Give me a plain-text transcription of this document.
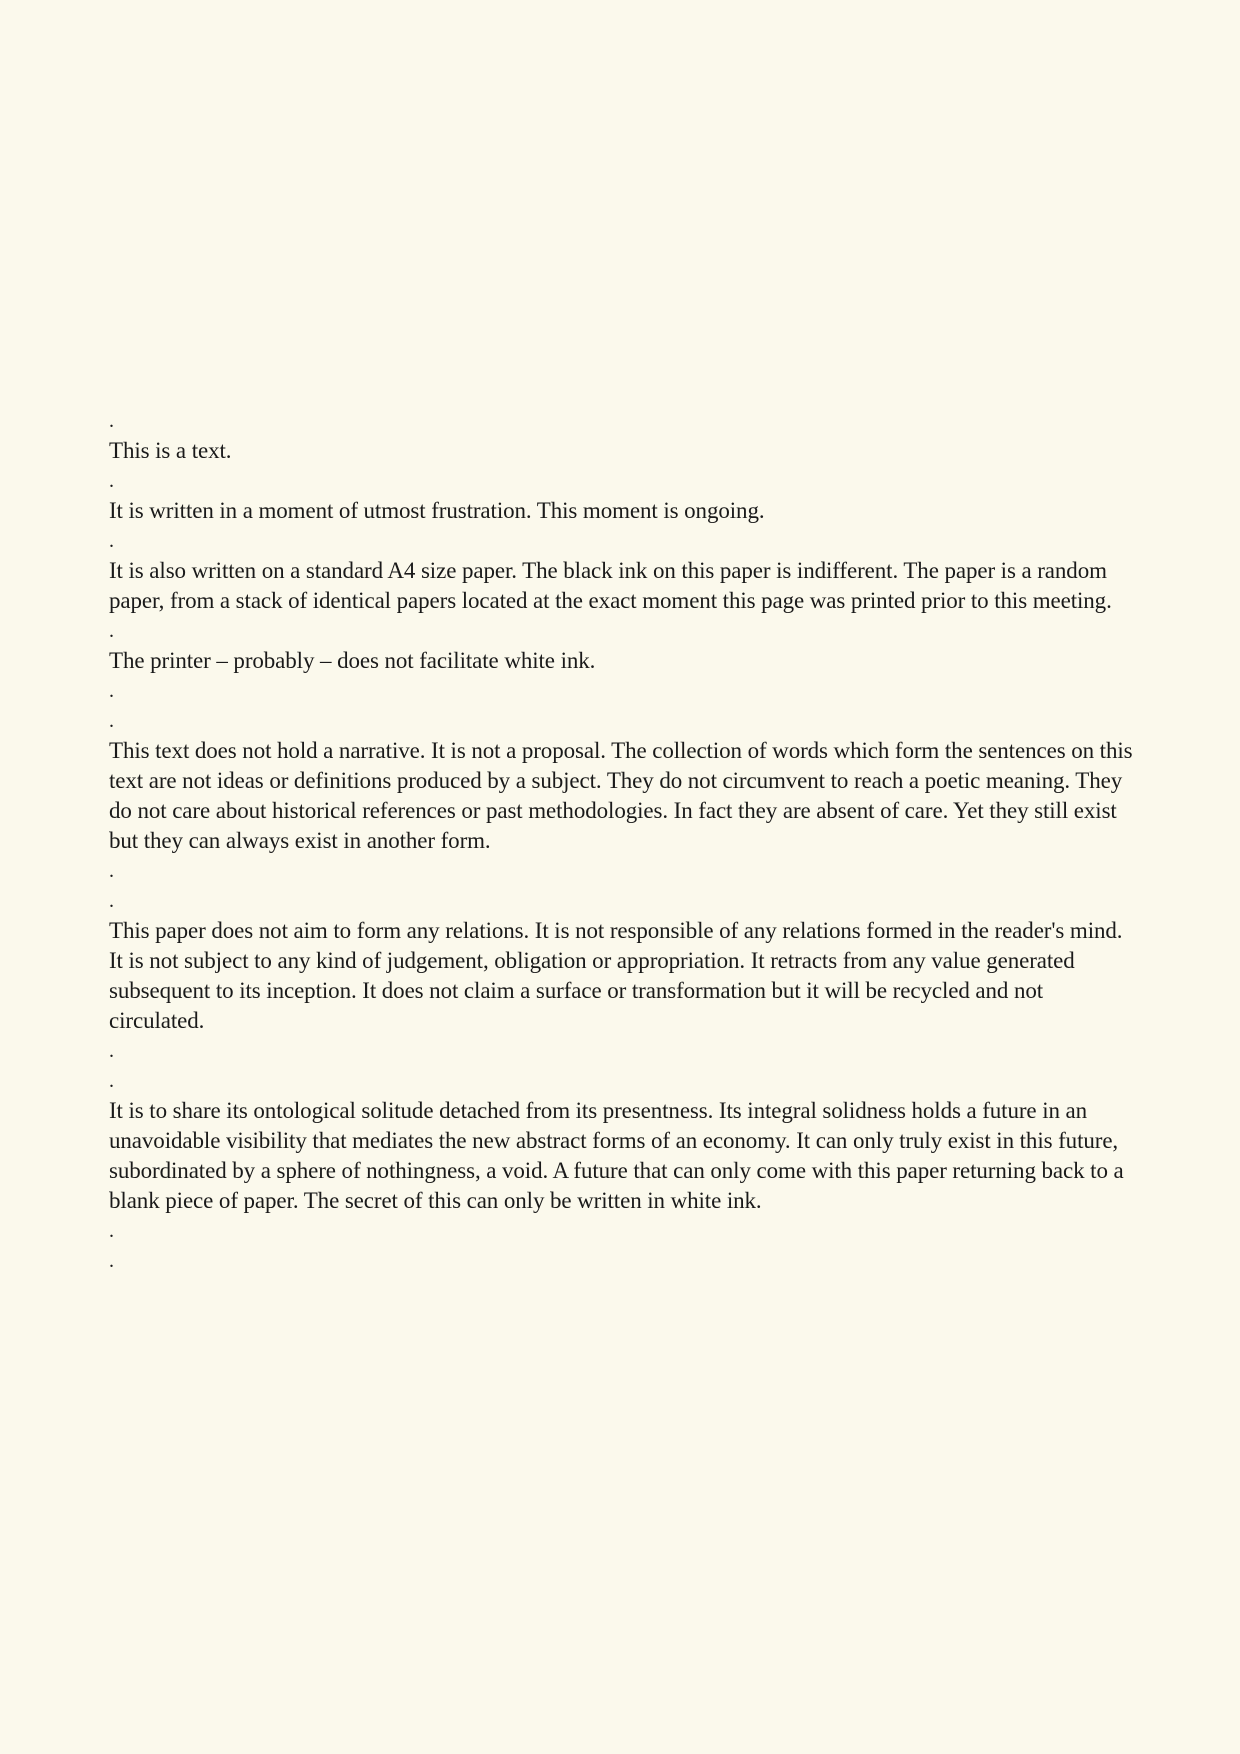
.
This is a text.
.
It is written in a moment of utmost frustration. This moment is ongoing.
.
It is also written on a standard A4 size paper. The black ink on this paper is indifferent. The paper is a random paper, from a stack of identical papers located at the exact moment this page was printed prior to this meeting.
.
The printer – probably – does not facilitate white ink.
.
.
This text does not hold a narrative. It is not a proposal. The collection of words which form the sentences on this text are not ideas or definitions produced by a subject. They do not circumvent to reach a poetic meaning. They do not care about historical references or past methodologies. In fact they are absent of care. Yet they still exist but they can always exist in another form.
.
.
This paper does not aim to form any relations. It is not responsible of any relations formed in the reader's mind. It is not subject to any kind of judgement, obligation or appropriation. It retracts from any value generated subsequent to its inception. It does not claim a surface or transformation but it will be recycled and not circulated.
.
.
It is to share its ontological solitude detached from its presentness. Its integral solidness holds a future in an unavoidable visibility that mediates the new abstract forms of an economy. It can only truly exist in this future, subordinated by a sphere of nothingness, a void. A future that can only come with this paper returning back to a blank piece of paper. The secret of this can only be written in white ink.
.
.
